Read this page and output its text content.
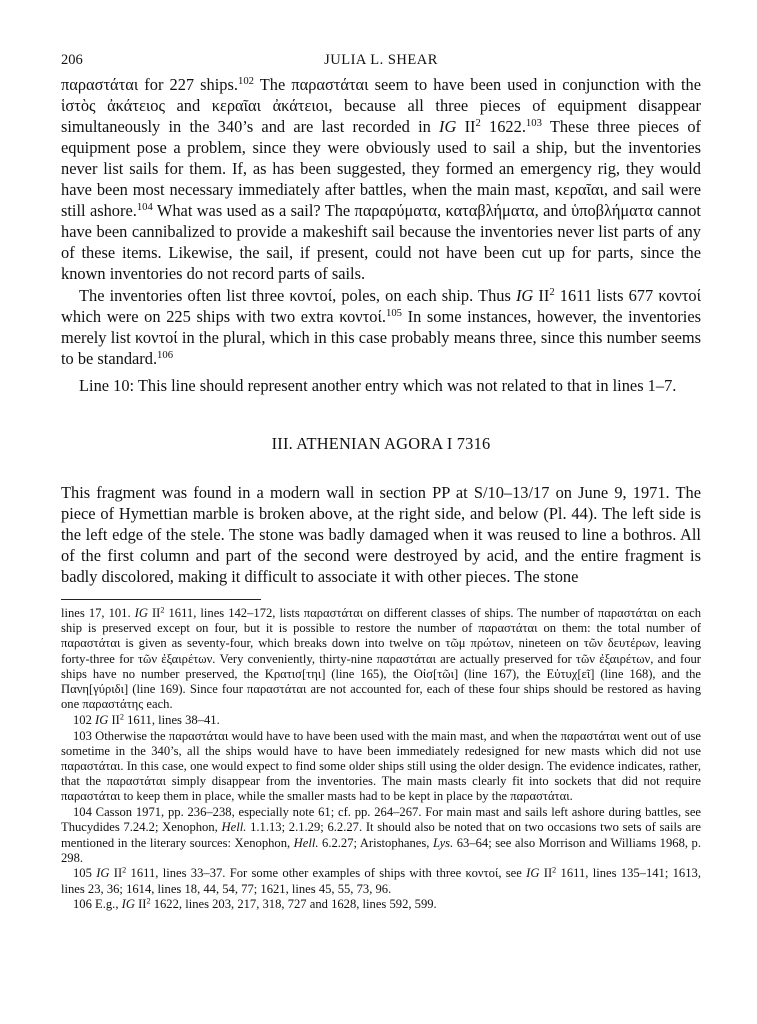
206	JULIA L. SHEAR

παραστάται for 227 ships.$^{102}$ The παραστάται seem to have been used in conjunction with the ἱστὸς ἀκάτειος and κεραῖαι ἀκάτειοι, because all three pieces of equipment disappear simultaneously in the 340’s and are last recorded in IG $II^2$ 1622.$^{103}$ These three pieces of equipment pose a problem, since they were obviously used to sail a ship, but the inventories never list sails for them. If, as has been suggested, they formed an emergency rig, they would have been most necessary immediately after battles, when the main mast, κεραῖαι, and sail were still ashore.$^{104}$ What was used as a sail? The παραρύματα, καταβλήματα, and ὑποβλήματα cannot have been cannibalized to provide a makeshift sail because the inventories never list parts of any of these items. Likewise, the sail, if present, could not have been cut up for parts, since the known inventories do not record parts of sails.

The inventories often list three κοντοί, poles, on each ship. Thus IG $II^2$ 1611 lists 677 κοντοί which were on 225 ships with two extra κοντοί.$^{105}$ In some instances, however, the inventories merely list κοντοί in the plural, which in this case probably means three, since this number seems to be standard.$^{106}$

Line 10: This line should represent another entry which was not related to that in lines 1–7.

III. ATHENIAN AGORA I 7316

This fragment was found in a modern wall in section PP at S/10–13/17 on June 9, 1971. The piece of Hymettian marble is broken above, at the right side, and below (Pl. 44). The left side is the left edge of the stele. The stone was badly damaged when it was reused to line a bothros. All of the first column and part of the second were destroyed by acid, and the entire fragment is badly discolored, making it difficult to associate it with other pieces. The stone

lines 17, 101. IG $II^2$ 1611, lines 142–172, lists παραστάται on different classes of ships. The number of παραστάται on each ship is preserved except on four, but it is possible to restore the number of παραστάται on them: the total number of παραστάται is given as seventy-four, which breaks down into twelve on τῶμ πρώτων, nineteen on τῶν δευτέρων, leaving forty-three for τῶν ἐξαιρέτων. Very conveniently, thirty-nine παραστάται are actually preserved for τῶν ἐξαιρέτων, and four ships have no number preserved, the Κρατισ[τηι] (line 165), the Οἰσ[τῶι] (line 167), the Εὐτυχ[εῖ] (line 168), and the Πανη[γύριδι] (line 169). Since four παραστάται are not accounted for, each of these four ships should be restored as having one παραστάτης each.

102 IG $II^2$ 1611, lines 38–41.

103 Otherwise the παραστάται would have to have been used with the main mast, and when the παραστάται went out of use sometime in the 340’s, all the ships would have to have been immediately redesigned for new masts which did not use παραστάται. In this case, one would expect to find some older ships still using the older design. The evidence indicates, rather, that the παραστάται simply disappear from the inventories. The main masts clearly fit into sockets that did not require παραστάται to keep them in place, while the smaller masts had to be kept in place by the παραστάται.

104 Casson 1971, pp. 236–238, especially note 61; cf. pp. 264–267. For main mast and sails left ashore during battles, see Thucydides 7.24.2; Xenophon, Hell. 1.1.13; 2.1.29; 6.2.27. It should also be noted that on two occasions two sets of sails are mentioned in the literary sources: Xenophon, Hell. 6.2.27; Aristophanes, Lys. 63–64; see also Morrison and Williams 1968, p. 298.

105 IG $II^2$ 1611, lines 33–37. For some other examples of ships with three κοντοί, see IG $II^2$ 1611, lines 135–141; 1613, lines 23, 36; 1614, lines 18, 44, 54, 77; 1621, lines 45, 55, 73, 96.

106 E.g., IG $II^2$ 1622, lines 203, 217, 318, 727 and 1628, lines 592, 599.
